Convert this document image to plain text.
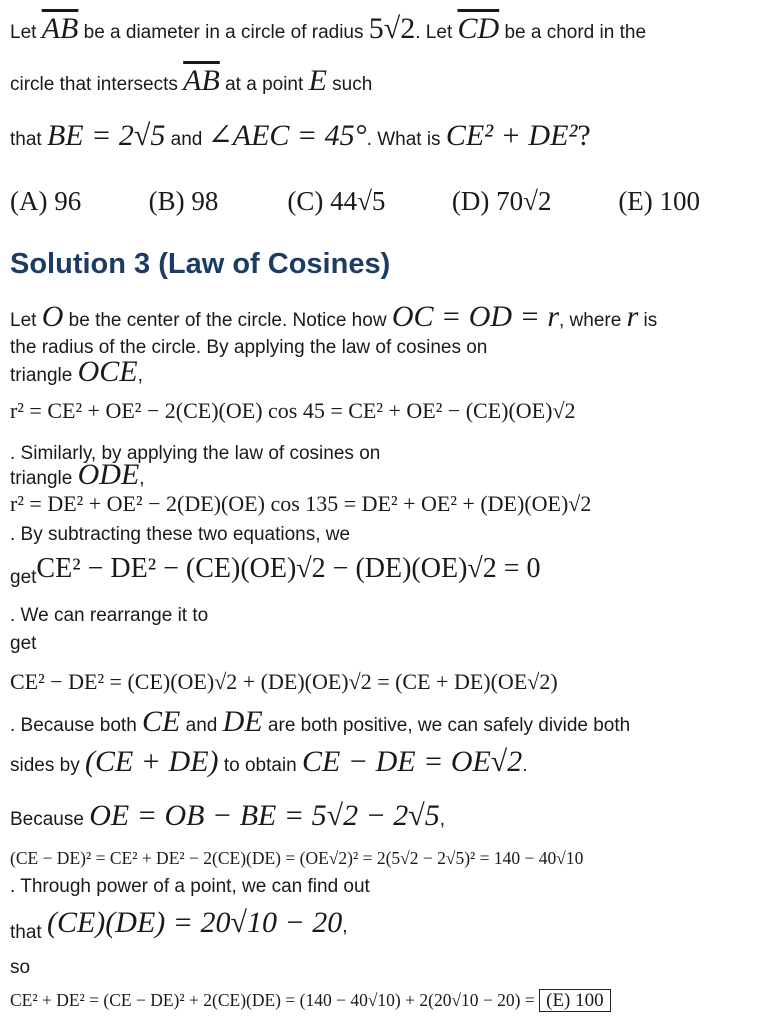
Let $\overline{AB}$ be a diameter in a circle of radius 5√2. Let $\overline{CD}$ be a chord in the
circle that intersects $\overline{AB}$ at a point E such
that BE = 2√5 and ∠AEC = 45°. What is CE² + DE²?
(A) 96	(B) 98	(C) 44√5	(D) 70√2	(E) 100
Solution 3 (Law of Cosines)
Let O be the center of the circle. Notice how OC = OD = r, where r is
the radius of the circle. By applying the law of cosines on
triangle OCE,
r² = CE² + OE² − 2(CE)(OE) cos 45 = CE² + OE² − (CE)(OE)√2
. Similarly, by applying the law of cosines on
triangle ODE,
r² = DE² + OE² − 2(DE)(OE) cos 135 = DE² + OE² + (DE)(OE)√2
. By subtracting these two equations, we
getCE² − DE² − (CE)(OE)√2 − (DE)(OE)√2 = 0
. We can rearrange it to
get
CE² − DE² = (CE)(OE)√2 + (DE)(OE)√2 = (CE + DE)(OE√2)
. Because both CE and DE are both positive, we can safely divide both
sides by (CE + DE) to obtain CE − DE = OE√2.
Because OE = OB − BE = 5√2 − 2√5,
(CE − DE)² = CE² + DE² − 2(CE)(DE) = (OE√2)² = 2(5√2 − 2√5)² = 140 − 40√10
. Through power of a point, we can find out
that (CE)(DE) = 20√10 − 20,
so
CE² + DE² = (CE − DE)² + 2(CE)(DE) = (140 − 40√10) + 2(20√10 − 20) = (E) 100
